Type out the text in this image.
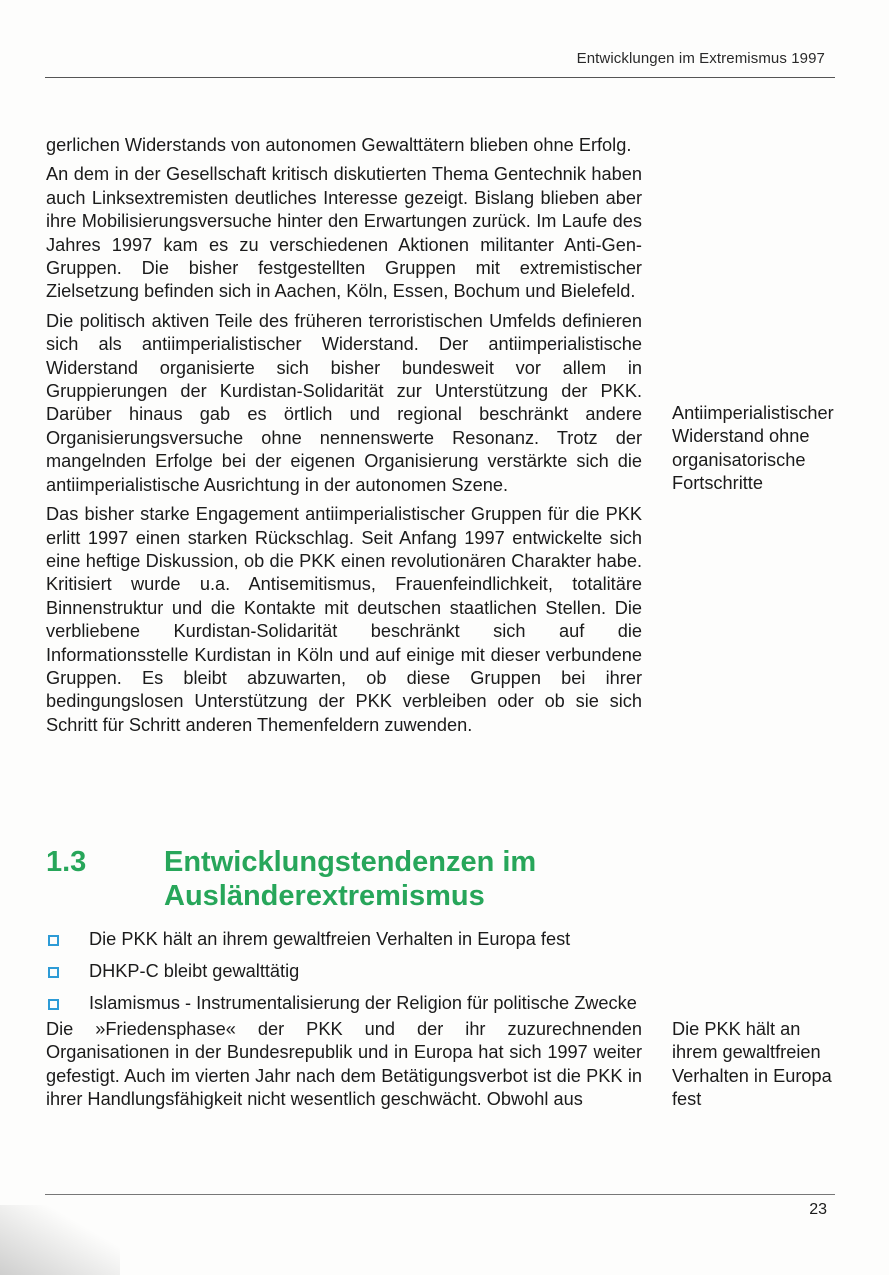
Entwicklungen im Extremismus 1997

gerlichen Widerstands von autonomen Gewalttätern blieben ohne Erfolg.

An dem in der Gesellschaft kritisch diskutierten Thema Gentechnik haben auch Linksextremisten deutliches Interesse gezeigt. Bislang blieben aber ihre Mobilisierungsversuche hinter den Erwartungen zurück. Im Laufe des Jahres 1997 kam es zu verschiedenen Aktionen militanter Anti-Gen-Gruppen. Die bisher festgestellten Gruppen mit extremistischer Zielsetzung befinden sich in Aachen, Köln, Essen, Bochum und Bielefeld.

Die politisch aktiven Teile des früheren terroristischen Umfelds definieren sich als antiimperialistischer Widerstand. Der antiimperialistische Widerstand organisierte sich bisher bundesweit vor allem in Gruppierungen der Kurdistan-Solidarität zur Unterstützung der PKK. Darüber hinaus gab es örtlich und regional beschränkt andere Organisierungsversuche ohne nennenswerte Resonanz. Trotz der mangelnden Erfolge bei der eigenen Organisierung verstärkte sich die antiimperialistische Ausrichtung in der autonomen Szene.

Das bisher starke Engagement antiimperialistischer Gruppen für die PKK erlitt 1997 einen starken Rückschlag. Seit Anfang 1997 entwickelte sich eine heftige Diskussion, ob die PKK einen revolutionären Charakter habe. Kritisiert wurde u.a. Antisemitismus, Frauenfeindlichkeit, totalitäre Binnenstruktur und die Kontakte mit deutschen staatlichen Stellen. Die verbliebene Kurdistan-Solidarität beschränkt sich auf die Informationsstelle Kurdistan in Köln und auf einige mit dieser verbundene Gruppen. Es bleibt abzuwarten, ob diese Gruppen bei ihrer bedingungslosen Unterstützung der PKK verbleiben oder ob sie sich Schritt für Schritt anderen Themenfeldern zuwenden.

Antiimperialistischer Widerstand ohne organisatorische Fortschritte
1.3	Entwicklungstendenzen im
Ausländerextremismus
Die PKK hält an ihrem gewaltfreien Verhalten in Europa fest
DHKP-C bleibt gewalttätig
Islamismus - Instrumentalisierung der Religion für politische Zwecke

Die »Friedensphase« der PKK und der ihr zuzurechnenden Organisationen in der Bundesrepublik und in Europa hat sich 1997 weiter gefestigt. Auch im vierten Jahr nach dem Betätigungsverbot ist die PKK in ihrer Handlungsfähigkeit nicht wesentlich geschwächt. Obwohl aus

Die PKK hält an ihrem gewaltfreien Verhalten in Europa fest
23
